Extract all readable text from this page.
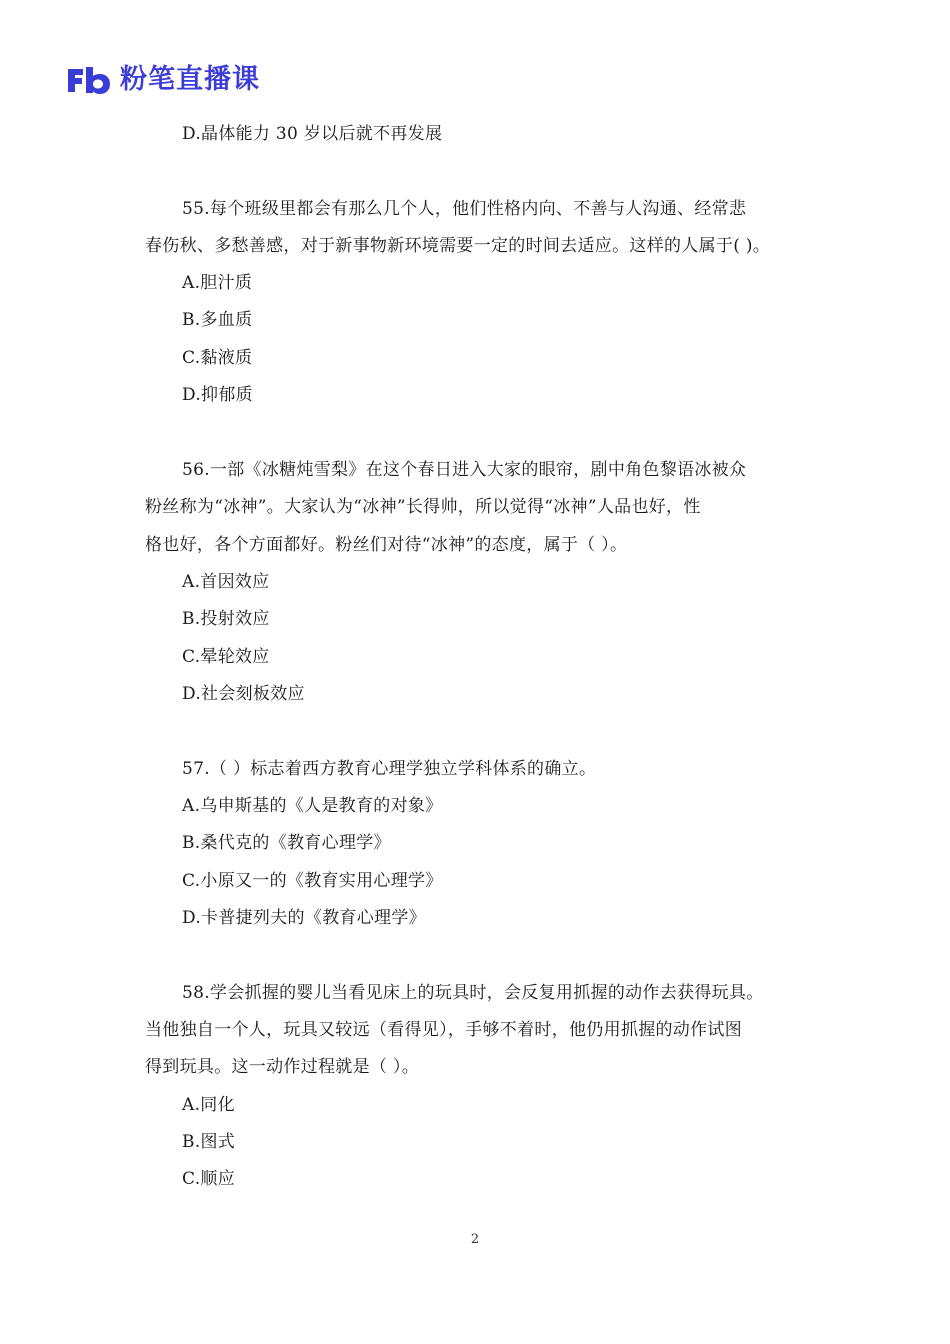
粉笔直播课
D.晶体能力 30 岁以后就不再发展
55.每个班级里都会有那么几个人，他们性格内向、不善与人沟通、经常悲
春伤秋、多愁善感，对于新事物新环境需要一定的时间去适应。这样的人属于( )。
A.胆汁质
B.多血质
C.黏液质
D.抑郁质
56.一部《冰糖炖雪梨》在这个春日进入大家的眼帘，剧中角色黎语冰被众
粉丝称为“冰神”。大家认为“冰神”长得帅，所以觉得“冰神”人品也好，性
格也好，各个方面都好。粉丝们对待“冰神”的态度，属于（ ）。
A.首因效应
B.投射效应
C.晕轮效应
D.社会刻板效应
57.（ ）标志着西方教育心理学独立学科体系的确立。
A.乌申斯基的《人是教育的对象》
B.桑代克的《教育心理学》
C.小原又一的《教育实用心理学》
D.卡普捷列夫的《教育心理学》
58.学会抓握的婴儿当看见床上的玩具时，会反复用抓握的动作去获得玩具。
当他独自一个人，玩具又较远（看得见），手够不着时，他仍用抓握的动作试图
得到玩具。这一动作过程就是（ ）。
A.同化
B.图式
C.顺应
2
